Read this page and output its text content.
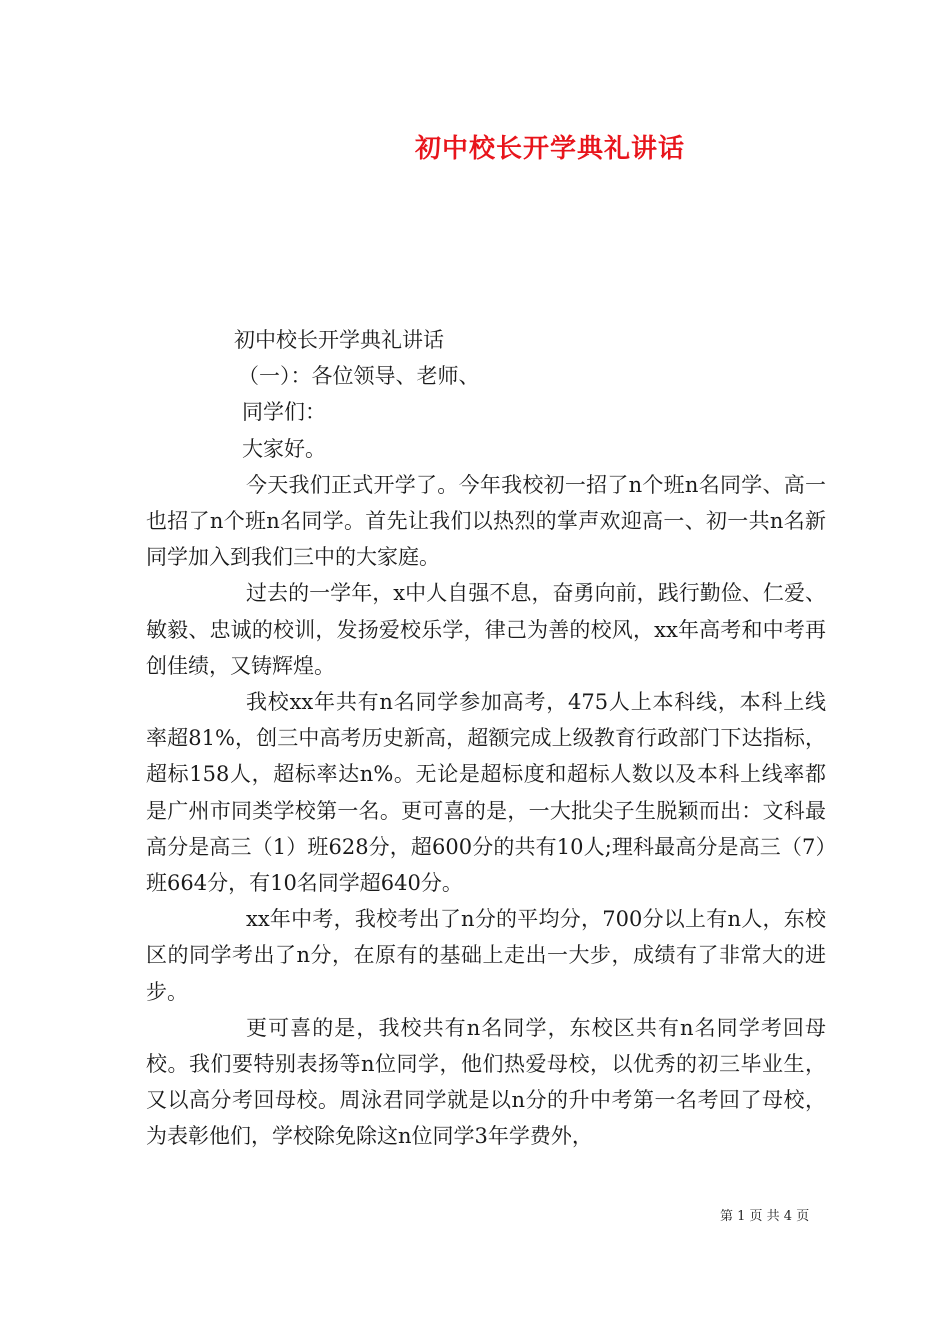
初中校长开学典礼讲话

初中校长开学典礼讲话

（一）：各位领导、老师、

同学们：

大家好。

今天我们正式开学了。今年我校初一招了n个班n名同学、高一也招了n个班n名同学。首先让我们以热烈的掌声欢迎高一、初一共n名新同学加入到我们三中的大家庭。

过去的一学年，x中人自强不息，奋勇向前，践行勤俭、仁爱、敏毅、忠诚的校训，发扬爱校乐学，律己为善的校风，xx年高考和中考再创佳绩，又铸辉煌。

我校xx年共有n名同学参加高考，475人上本科线，本科上线率超81%，创三中高考历史新高，超额完成上级教育行政部门下达指标，超标158人，超标率达n%。无论是超标度和超标人数以及本科上线率都是广州市同类学校第一名。更可喜的是，一大批尖子生脱颖而出：文科最高分是高三（1）班628分，超600分的共有10人;理科最高分是高三（7）班664分，有10名同学超640分。

xx年中考，我校考出了n分的平均分，700分以上有n人，东校区的同学考出了n分，在原有的基础上走出一大步，成绩有了非常大的进步。

更可喜的是，我校共有n名同学，东校区共有n名同学考回母校。我们要特别表扬等n位同学，他们热爱母校，以优秀的初三毕业生，又以高分考回母校。周泳君同学就是以n分的升中考第一名考回了母校，为表彰他们，学校除免除这n位同学3年学费外，

第 1 页 共 4 页
